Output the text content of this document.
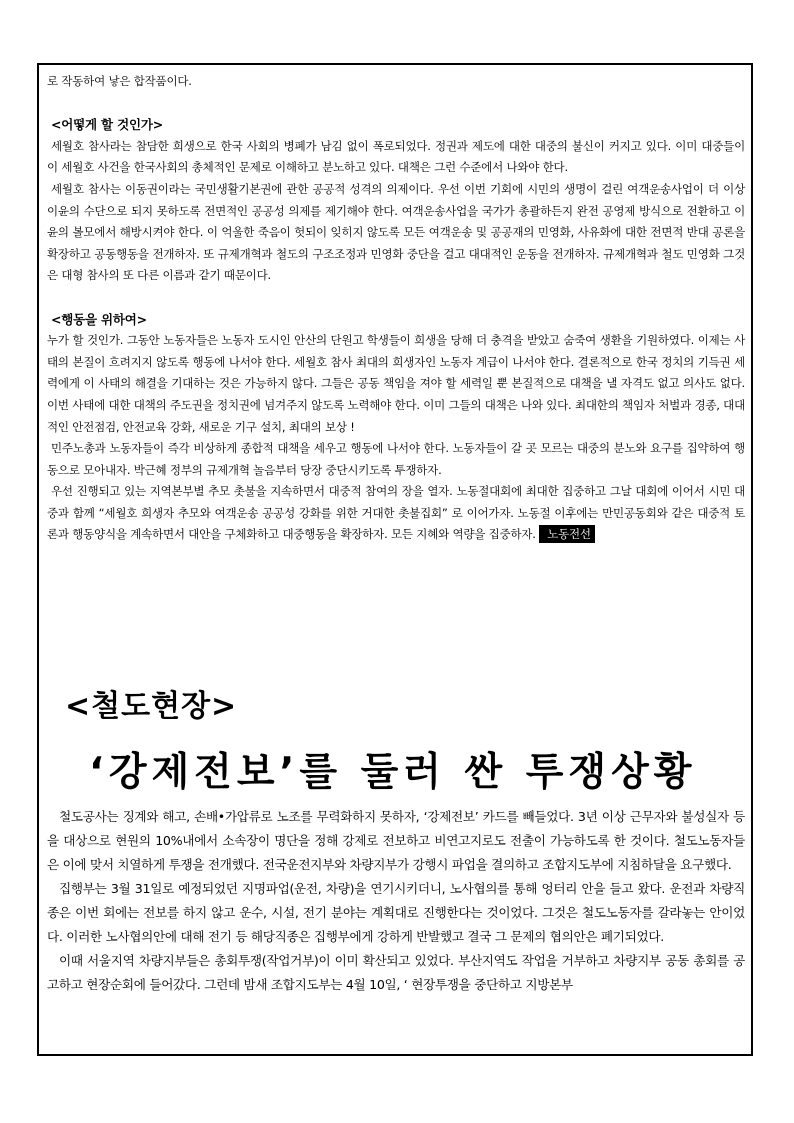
로 작동하여 낳은 합작품이다.

<어떻게 할 것인가>

세월호 참사라는 참담한 희생으로 한국 사회의 병폐가 남김 없이 폭로되었다. 정권과 제도에 대한 대중의 불신이 커지고 있다. 이미 대중들이 이 세월호 사건을 한국사회의 총체적인 문제로 이해하고 분노하고 있다. 대책은 그런 수준에서 나와야 한다.

세월호 참사는 이동권이라는 국민생활기본권에 관한 공공적 성격의 의제이다. 우선 이번 기회에 시민의 생명이 걸린 여객운송사업이 더 이상 이윤의 수단으로 되지 못하도록 전면적인 공공성 의제를 제기해야 한다. 여객운송사업을 국가가 총괄하든지 완전 공영제 방식으로 전환하고 이윤의 볼모에서 해방시켜야 한다. 이 억울한 죽음이 헛되이 잊히지 않도록 모든 여객운송 및 공공재의 민영화, 사유화에 대한 전면적 반대 공론을 확장하고 공동행동을 전개하자. 또 규제개혁과 철도의 구조조정과 민영화 중단을 걸고 대대적인 운동을 전개하자. 규제개혁과 철도 민영화 그것은 대형 참사의 또 다른 이름과 같기 때문이다.

<행동을 위하여>

누가 할 것인가. 그동안 노동자들은 노동자 도시인 안산의 단원고 학생들이 희생을 당해 더 충격을 받았고 숨죽여 생환을 기원하였다. 이제는 사태의 본질이 흐려지지 않도록 행동에 나서야 한다. 세월호 참사 최대의 희생자인 노동자 계급이 나서야 한다. 결론적으로 한국 정치의 기득권 세력에게 이 사태의 해결을 기대하는 것은 가능하지 않다. 그들은 공동 책임을 져야 할 세력일 뿐 본질적으로 대책을 낼 자격도 없고 의사도 없다. 이번 사태에 대한 대책의 주도권을 정치권에 넘겨주지 않도록 노력해야 한다. 이미 그들의 대책은 나와 있다. 최대한의 책임자 처벌과 경종, 대대적인 안전점검, 안전교육 강화, 새로운 기구 설치, 최대의 보상 !

민주노총과 노동자들이 즉각 비상하게 종합적 대책을 세우고 행동에 나서야 한다. 노동자들이 갈 곳 모르는 대중의 분노와 요구를 집약하여 행동으로 모아내자. 박근혜 정부의 규제개혁 놀음부터 당장 중단시키도록 투쟁하자.

우선 진행되고 있는 지역본부별 추모 촛불을 지속하면서 대중적 참여의 장을 열자. 노동절대회에 최대한 집중하고 그날 대회에 이어서 시민 대중과 함께 “세월호 희생자 추모와 여객운송 공공성 강화를 위한 거대한 촛불집회” 로 이어가자. 노동절 이후에는 만민공동회와 같은 대중적 토론과 행동양식을 계속하면서 대안을 구체화하고 대중행동을 확장하자. 모든 지혜와 역량을 집중하자. 노동전선

<철도현장>
‘강제전보’를 둘러 싼 투쟁상황

철도공사는 징계와 해고, 손배•가압류로 노조를 무력화하지 못하자, ‘강제전보’ 카드를 빼들었다. 3년 이상 근무자와 불성실자 등을 대상으로 현원의 10%내에서 소속장이 명단을 정해 강제로 전보하고 비연고지로도 전출이 가능하도록 한 것이다. 철도노동자들은 이에 맞서 치열하게 투쟁을 전개했다. 전국운전지부와 차량지부가 강행시 파업을 결의하고 조합지도부에 지침하달을 요구했다.

집행부는 3월 31일로 예정되었던 지명파업(운전, 차량)을 연기시키더니, 노사협의를 통해 엉터리 안을 들고 왔다. 운전과 차량직종은 이번 회에는 전보를 하지 않고 운수, 시설, 전기 분야는 계획대로 진행한다는 것이었다. 그것은 철도노동자를 갈라놓는 안이었다. 이러한 노사협의안에 대해 전기 등 해당직종은 집행부에게 강하게 반발했고 결국 그 문제의 협의안은 폐기되었다.

이때 서울지역 차량지부들은 총회투쟁(작업거부)이 이미 확산되고 있었다. 부산지역도 작업을 거부하고 차량지부 공동 총회를 공고하고 현장순회에 들어갔다. 그런데 밤새 조합지도부는 4월 10일, ‘ 현장투쟁을 중단하고 지방본부
